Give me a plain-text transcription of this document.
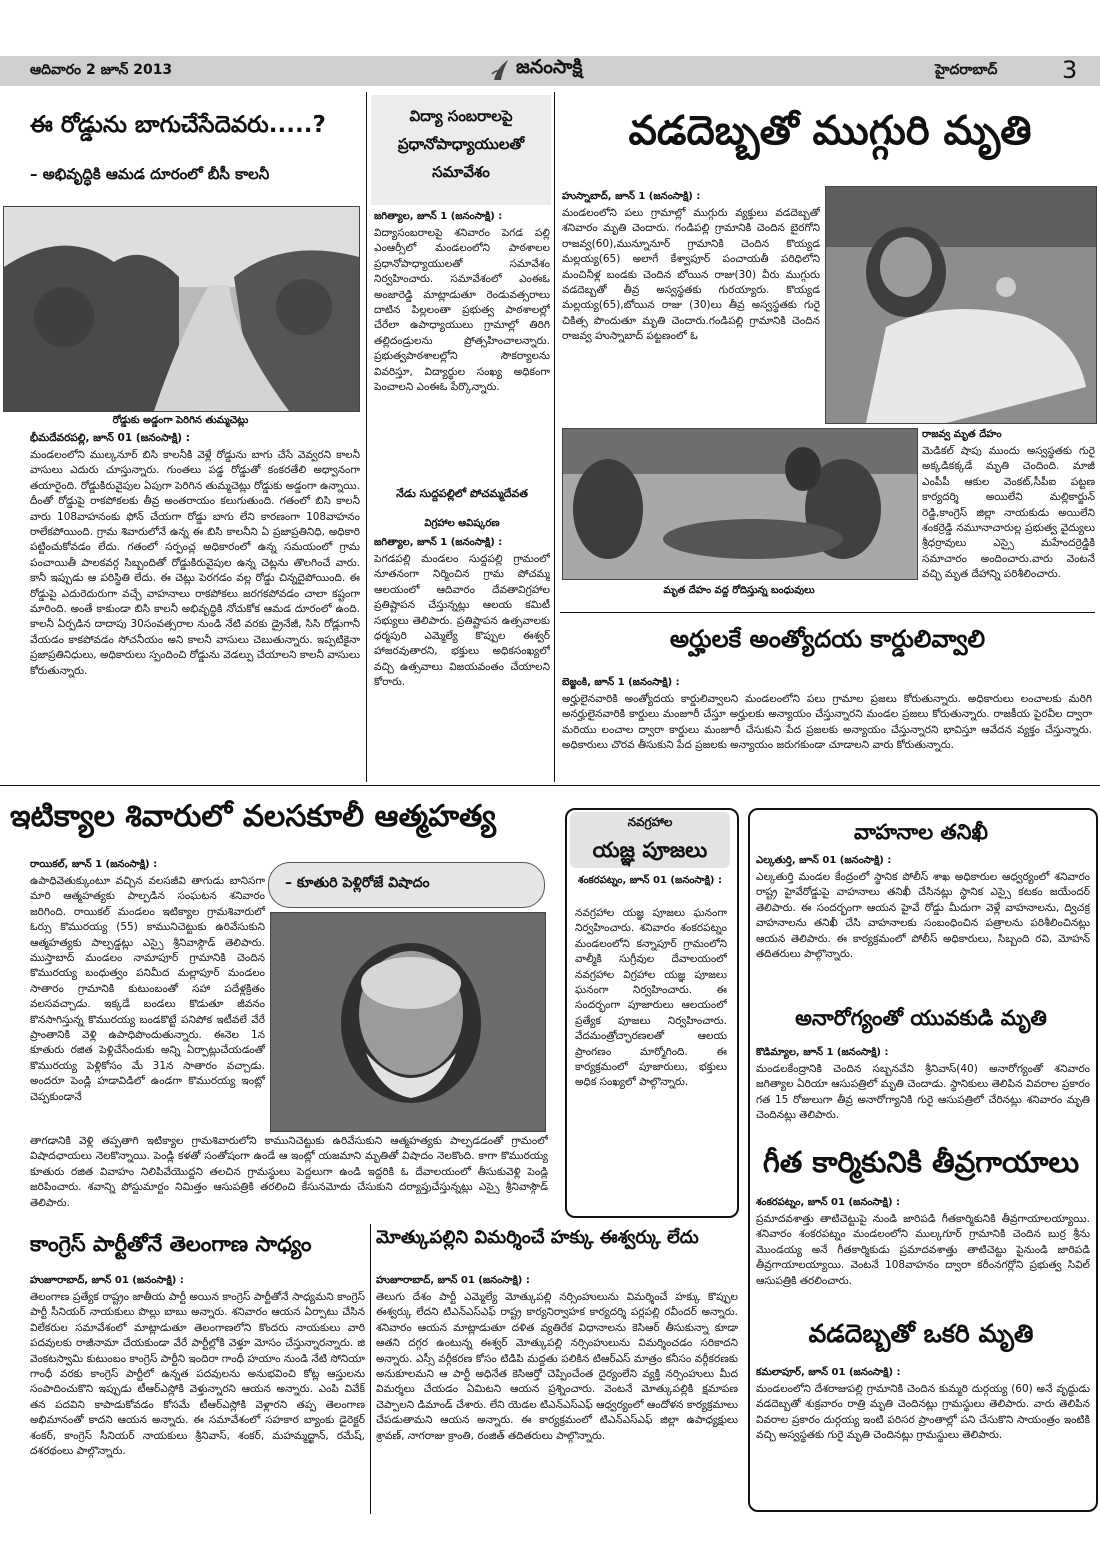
ఆదివారం 2 జూన్ 2013	జనంసాక్షి	హైదరాబాద్	3
ఈ రోడ్డును బాగుచేసేదెవరు.....?
– అభివృద్ధికి ఆమడ దూరంలో బీసీ కాలనీ
రోడ్డుకు అడ్డంగా పెరిగిన తుమ్మచెట్లు
భీమదేవరపల్లి, జూన్ 01 (జనంసాక్షి) :
మండలంలోని ముల్కనూర్ బిసి కాలనీకి వెళ్లే రోడ్డును బాగు చేసే వెవ్వరని కాలనీ వాసులు ఎదురు చూస్తున్నారు. గుంతలు పడ్డ రోడ్డుతో కంకరతేలి అధ్వానంగా తయారైంది. రోడ్డుకిరువైపుల ఏపుగా పెరిగిన తుమ్మచెట్లు రోడ్డుకు అడ్డంగా ఉన్నాయి. దీంతో రోడ్డుపై రాకపోకలకు తీవ్ర అంతరాయం కలుగుతుంది. గతంలో బిసి కాలనీ వారు 108వాహనంకు ఫోన్ చేయగా రోడ్డు బాగు లేని కారణంగా 108వాహనం రాలేకపోయింది. గ్రామ శివారులోనే ఉన్న ఈ బిసి కాలనీని ఏ ప్రజాప్రతినిధి, అధికారి పట్టించుకోవడం లేదు. గతంలో సర్పంచ్ల అధికారంలో ఉన్న సమయంలో గ్రామ పంచాయితీ పాలకవర్గ సిబ్బందితో రోడ్డుకిరువైపుల ఉన్న చెట్లను తొలగించే వారు. కానీ ఇప్పుడు ఆ పరిస్థితి లేదు. ఈ చెట్లు పెరగడం వల్ల రోడ్డు చిన్నదైపోయింది. ఈ రోడ్డుపై ఎదురెదురుగా వచ్చే వాహనాలు రాకపోకలు జరగకపోవడం చాలా కష్టంగా మారింది. అంతే కాకుండా బిసి కాలనీ అభివృద్ధికి నోచుకోక ఆమడ దూరంలో ఉంది. కాలనీ ఏర్పడిన దాదాపు 30సంవత్సరాల నుండి నేటి వరకు డ్రైనేజీ, సిసి రోడ్లుగానీ వేయడం కాకపోవడం సోచనీయం అని కాలనీ వాసులు చెబుతున్నారు. ఇప్పటికైనా ప్రజాప్రతినిధులు, అధికారులు స్పందించి రోడ్డును వెడల్పు చేయాలని కాలనీ వాసులు కోరుతున్నారు.
విద్యా సంబరాలపై ప్రధానోపాధ్యాయులతో సమావేశం
జగిత్యాల, జూన్ 1 (జనంసాక్షి) :
విద్యాసంబరాలపై శనివారం పెగడ పల్లి ఎంఆర్సీలో మండలంలోని పాఠశాలల ప్రధానోపాధ్యాయులతో సమావేశం నిర్వహించారు. సమావేశంలో ఎంఈఓ అంజారెడ్డి మాట్లాడుతూ రెండువత్సరాలు దాటిన పిల్లలంతా ప్రభుత్వ పాఠశాలల్లో చేరేలా ఉపాధ్యాయులు గ్రామాల్లో తిరిగి తల్లిదండ్రులను ప్రోత్సహించాలన్నారు. ప్రభుత్వపాఠశాలల్లోని సౌకర్యాలను వివరిస్తూ, విద్యార్థుల సంఖ్య అధికంగా పెంచాలని ఎంఈఓ పేర్కొన్నారు.
నేడు సుద్దపల్లిలో పోచమ్మదేవత
విగ్రహాల ఆవిష్కరణ
జగిత్యాల, జూన్ 1 (జనంసాక్షి) :
పెగడపల్లి మండలం సుద్దపల్లి గ్రామంలో నూతనంగా నిర్మించిన గ్రామ పోచమ్మ ఆలయంలో ఆదివారం దేవతావిగ్రహాల ప్రతిష్టాపన చేస్తున్నట్లు ఆలయ కమిటీ సభ్యులు తెలిపారు. ప్రతిష్టాపన ఉత్సవాలకు ధర్మపురి ఎమ్మెల్యే కొప్పుల ఈశ్వర్ హాజరవుతారని, భక్తులు అధికసంఖ్యలో వచ్చి ఉత్సవాలు విజయవంతం చేయాలని కోరారు.
వడదెబ్బతో ముగ్గురి మృతి
హుస్నాబాద్, జూన్ 1 (జనంసాక్షి) :
మండలంలోని పలు గ్రామాల్లో ముగ్గురు వ్యక్తులు వడదెబ్బతో శనివారం మృతి చెందారు. గండిపల్లి గ్రామానికి చెందిన బైరగోని రాజవ్వ(60),మున్నూనూర్ గ్రామానికి చెందిన కొయ్యడ మల్లయ్య(65) అలాగే కేశ్వాపూర్ పంచాయతీ పరిధిలోని మంచినీళ్ల బండకు చెందిన బోయిన రాజు(30) వీరు ముగ్గురు వడదెబ్బతో తీవ్ర అస్వస్థతకు గురయ్యారు. కొయ్యడ మల్లయ్య(65),బోయిన రాజు (30)లు తీవ్ర అస్వస్థతకు గురై చికిత్స పొందుతూ మృతి చెందారు.గండిపల్లి గ్రామానికి చెందిన రాజవ్వ హుస్నాబాద్ పట్టణంలో ఓ
రాజవ్వ మృత దేహం
మెడికల్ షాపు ముందు అస్వస్థతకు గురై అక్కడికక్కడే మృతి చెందింది. మాజీ ఎంపీపీ ఆకుల వెంకట్,సీపీఐ పట్టణ కార్యదర్శి అయిలేని మల్లికార్జున్ రెడ్డి,కాంగ్రెస్ జిల్లా నాయకుడు అయిలేని శంకర్రెడ్డి నమూనాచారుల్ల ప్రభుత్వ వైద్యులు శ్రీధర్రావులు ఎస్సై మహేందర్రెడ్డికి సమాచారం అందించారు.వారు వెంటనే వచ్చి మృత దేహాన్ని పరిశీలించారు.
మృత దేహం వద్ద రోదిస్తున్న బంధువులు
అర్హులకే అంత్యోదయ కార్డులివ్వాలి
బెజ్జంకి, జూన్ 1 (జనంసాక్షి) :
అర్హులైనవారికి అంత్యోదయ కార్డులివ్వాలని మండలంలోని పలు గ్రామాల ప్రజలు కోరుతున్నారు. అధికారులు లంచాలకు మరిగి అనర్హులైనవారికి కార్డులు మంజూరీ చేస్తూ అర్హులకు అన్యాయం చేస్తున్నారని మండల ప్రజలు కోరుతున్నారు. రాజకీయ పైరవీల ద్వారా మరియు లంచాల ద్వారా కార్డులు మంజూరీ చేసుకుని పేద ప్రజలకు అన్యాయం చేస్తున్నారని భావిస్తూ ఆవేదన వ్యక్తం చేస్తున్నారు. అధికారులు చొరవ తీసుకుని పేద ప్రజలకు అన్యాయం జరుగకుండా చూడాలని వారు కోరుతున్నారు.
ఇటిక్యాల శివారులో వలసకూలీ ఆత్మహత్య
రాయికల్, జూన్ 1 (జనంసాక్షి) :
– కూతురి పెళ్లిరోజే విషాదం
ఉపాధివెతుక్కుంటూ వచ్చిన వలసజీవి తాగుడు బానిసగా మారి ఆత్మహత్యకు పాల్పడిన సంఘటన శనివారం జరిగింది. రాయికల్ మండలం ఇటిక్యాల గ్రామశివారులో ఓర్సు కొమురయ్య (55) కామునిచెట్టుకు ఉరివేసుకుని ఆత్మహత్యకు పాల్పడ్డట్లు ఎస్సై శ్రీనివాస్గౌడ్ తెలిపారు. ముస్తాబాద్ మండలం నామాపూర్ గ్రామానికి చెందిన కొమురయ్య బంధుత్వం పనిమీద మల్లాపూర్ మండలం సాతారం గ్రామానికి కుటుంబంతో సహా పదేళ్లక్రితం వలసవచ్చాడు. ఇక్కడే బండలు కొడుతూ జీవనం కొనసాగిస్తున్న కొమురయ్య బండకొట్టే పనిపోక ఇటీవలే వేరే ప్రాంతానికి వెళ్లి ఉపాధిపొందుతున్నారు. ఈనెల 1న కూతురు రజిత పెళ్లిచేసేందుకు అన్ని ఏర్పాట్లుచేయడంతో కొమురయ్య పెళ్లికోసం మే 31న సాతారం వచ్చాడు. అందరూ పెండ్లి హడావిడిలో ఉండగా కొమురయ్య ఇంట్లో చెప్పకుండానే
తాగడానికి వెళ్లి తప్పతాగి ఇటిక్యాల గ్రామశివారులోని కామునిచెట్టుకు ఉరివేసుకుని ఆత్మహత్యకు పాల్పడడంతో గ్రామంలో విషాదఛాయలు నెలకొన్నాయి. పెండ్లి కళతో సంతోషంగా ఉండే ఆ ఇంట్లో యజమాని మృతితో విషాదం నెలకొంది. కాగా కొమురయ్య కూతురు రజిత వివాహం నిలిపివేయొద్దని తలచిన గ్రామస్థులు పెద్దలుగా ఉండి ఇద్దరికి ఓ దేవాలయంలో తీసుకువెళ్లి పెండ్లి జరిపించారు. శవాన్ని పోస్టుమార్టం నిమిత్తం ఆసుపత్రికి తరలించి కేసునమోదు చేసుకుని దర్యాప్తుచేస్తున్నట్లు ఎస్సై శ్రీనివాస్గౌడ్ తెలిపారు.
నవగ్రహాల
యజ్ఞ పూజలు
శంకరపట్నం, జూన్ 01 (జనంసాక్షి) :
నవగ్రహాల యజ్ఞ పూజలు ఘనంగా నిర్వహించారు. శనివారం శంకరపట్నం మండలంలోని కన్నాపూర్ గ్రామంలోని వాల్మీకి సుగ్రీవుల దేవాలయంలో నవగ్రహాల విగ్రహాల యజ్ఞ పూజలు ఘనంగా నిర్వహించారు. ఈ సందర్భంగా పూజారులు ఆలయంలో ప్రత్యేక పూజలు నిర్వహించారు. వేదమంత్రోచ్ఛారణలతో ఆలయ ప్రాంగణం మార్మోగింది. ఈ కార్యక్రమంలో పూజారులు, భక్తులు అధిక సంఖ్యలో పాల్గొన్నారు.
వాహనాల తనిఖీ
ఎల్కతుర్తి, జూన్ 01 (జనంసాక్షి) :
ఎల్కతుర్తి మండల కేంద్రంలో స్థానిక పోలీస్ శాఖ అధికారుల ఆధ్వర్యంలో శనివారం రాష్ట్ర హైవేరోడ్డుపై వాహనాలు తనిఖీ చేసినట్లు స్థానిక ఎస్సై కటకం జయేందర్ తెలిపారు. ఈ సందర్భంగా ఆయన హైవే రోడ్డు మీదుగా వెళ్లే వాహనాలను, ద్విచక్ర వాహనాలను తనిఖీ చేసి వాహనాలకు సంబంధించిన పత్రాలను పరిశీలించినట్లు ఆయన తెలిపారు. ఈ కార్యక్రమంలో పోలీస్ అధికారులు, సిబ్బంది రవి, మోహన్ తదితరులు పాల్గొన్నారు.
అనారోగ్యంతో యువకుడి మృతి
కొడిమ్యాల, జూన్ 1 (జనంసాక్షి) :
మండలకేంద్రానికి చెందిన సబ్బనవేని శ్రీనివాస్(40) అనారోగ్యంతో శనివారం జగిత్యాల ఏరియా ఆసుపత్రిలో మృతి చెందాడు. స్థానికులు తెలిపిన వివరాల ప్రకారం గత 15 రోజులుగా తీవ్ర అనారోగ్యానికి గురై ఆసుపత్రిలో చేరినట్లు శనివారం మృతి చెందినట్లు తెలిపారు.
గీత కార్మికునికి తీవ్రగాయాలు
శంకరపట్నం, జూన్ 01 (జనంసాక్షి) :
ప్రమాదవశాత్తు తాటిచెట్టుపై నుండి జారిపడి గీతకార్మికునికి తీవ్రగాయాలయ్యాయి. శనివారం శంకరపట్నం మండలంలోని ముల్కగూర్ గ్రామానికి చెందిన బుర్ర శ్రీను మొండయ్య అనే గీతకార్మికుడు ప్రమాదవశాత్తు తాటిచెట్టు పైనుండి జారిపడి తీవ్రగాయాలయ్యాయి. వెంటనే 108వాహనం ద్వారా కరీంనగర్లోని ప్రభుత్వ సివిల్ ఆసుపత్రికి తరలించారు.
వడదెబ్బతో ఒకరి మృతి
కమలాపూర్, జూన్ 01 (జనంసాక్షి) :
మండలంలోని దేశరాజుపల్లి గ్రామానికి చెందిన కుమ్మరి దుర్గయ్య (60) అనే వృద్ధుడు వడదెబ్బతో శుక్రవారం రాత్రి మృతి చెందినట్లు గ్రామస్థులు తెలిపారు. వారు తెలిపిన వివరాల ప్రకారం దుర్గయ్య ఇంటి పరిసర ప్రాంతాల్లో పని చేసుకొని సాయంత్రం ఇంటికి వచ్చి అస్వస్థతకు గురై మృతి చెందినట్లు గ్రామస్థులు తెలిపారు.
కాంగ్రెస్ పార్టీతోనే తెలంగాణ సాధ్యం
హుజూరాబాద్, జూన్ 01 (జనంసాక్షి) :
తెలంగాణ ప్రత్యేక రాష్ట్రం జాతీయ పార్టీ అయిన కాంగ్రెస్ పార్టీతోనే సాధ్యమని కాంగ్రెస్ పార్టీ సీనియర్ నాయకులు పొల్లు బాబు అన్నారు. శనివారం ఆయన ఏర్పాటు చేసిన విలేకరుల సమావేశంలో మాట్లాడుతూ తెలంగాణలోని కొందరు నాయకులు వారి పదవులకు రాజీనామా చేయకుండా వేరే పార్టీల్లోకి వెళ్తూ మోసం చేస్తున్నారన్నారు. జి వెంకటస్వామి కుటుంబం కాంగ్రెస్ పార్టీని ఇందిరా గాంధీ హయాం నుండి నేటి సోనియా గాంధీ వరకు కాంగ్రెస్ పార్టీలో ఉన్నత పదవులను అనుభవించి కోట్ల ఆస్తులను సంపాదించుకొని ఇప్పుడు టీఆర్ఎస్లోకి వెళ్తున్నారని ఆయన అన్నారు. ఎంపి వివేక్ తన పదవిని కాపాడుకోవడం కోసమే టీఆర్ఎస్లోకి వెళ్లారని తప్ప తెలంగాణ అభిమానంతో కాదని ఆయన అన్నారు. ఈ సమావేశంలో సహకార బ్యాంకు డైరెక్టర్ శంకర్, కాంగ్రెస్ సీనియర్ నాయకులు శ్రీనివాస్, శంకర్, మహమ్మద్ఖాన్, రమేష్, దశరథంలు పాల్గొన్నారు.
మోత్కుపల్లిని విమర్శించే హక్కు ఈశ్వర్కు లేదు
హుజూరాబాద్, జూన్ 01 (జనంసాక్షి) :
తెలుగు దేశం పార్టీ ఎమ్మెల్యే మోత్కుపల్లి నర్సింహులును విమర్శించే హక్కు కొప్పుల ఈశ్వర్కు లేదని టిఎన్ఎస్ఎఫ్ రాష్ట్ర కార్యనిర్వాహక కార్యదర్శి పర్లపల్లి రవీందర్ అన్నారు. శనివారం ఆయన మాట్లాడుతూ దళిత వ్యతిరేక విధానాలను కెసిఆర్ తీసుకున్నా కూడా ఆతని దగ్గర ఉంటున్న ఈశ్వర్ మోత్కుపల్లి నర్సింహులును విమర్శించడం సరికాదని అన్నారు. ఎస్సీ వర్గీకరణ కోసం టిడిపి మద్దతు పలికిన టిఆర్ఎస్ మాత్రం కనీసం వర్గీకరణకు అనుకూలమని ఆ పార్టీ అధినేత కెసిఆర్తో చెప్పించేంత దైర్యంలేని వ్యక్తి నర్సింహులు మీద విమర్శలు చేయడం ఏమిటని ఆయన ప్రశ్నించారు. వెంటనే మోత్కుపల్లికి క్షమాపణ చెప్పాలని డిమాండ్ చేశారు. లేని యెడల టిఎన్ఎస్ఎఫ్ ఆధ్వర్యంలో ఆందోళన కార్యక్రమాలు చేపడుతామని ఆయన అన్నారు. ఈ కార్యక్రమంలో టిఎన్ఎస్ఎఫ్ జిల్లా ఉపాధ్యక్షులు శ్రావణ్, నాగరాజు క్రాంతి, రంజిత్ తదితరులు పాల్గొన్నారు.
